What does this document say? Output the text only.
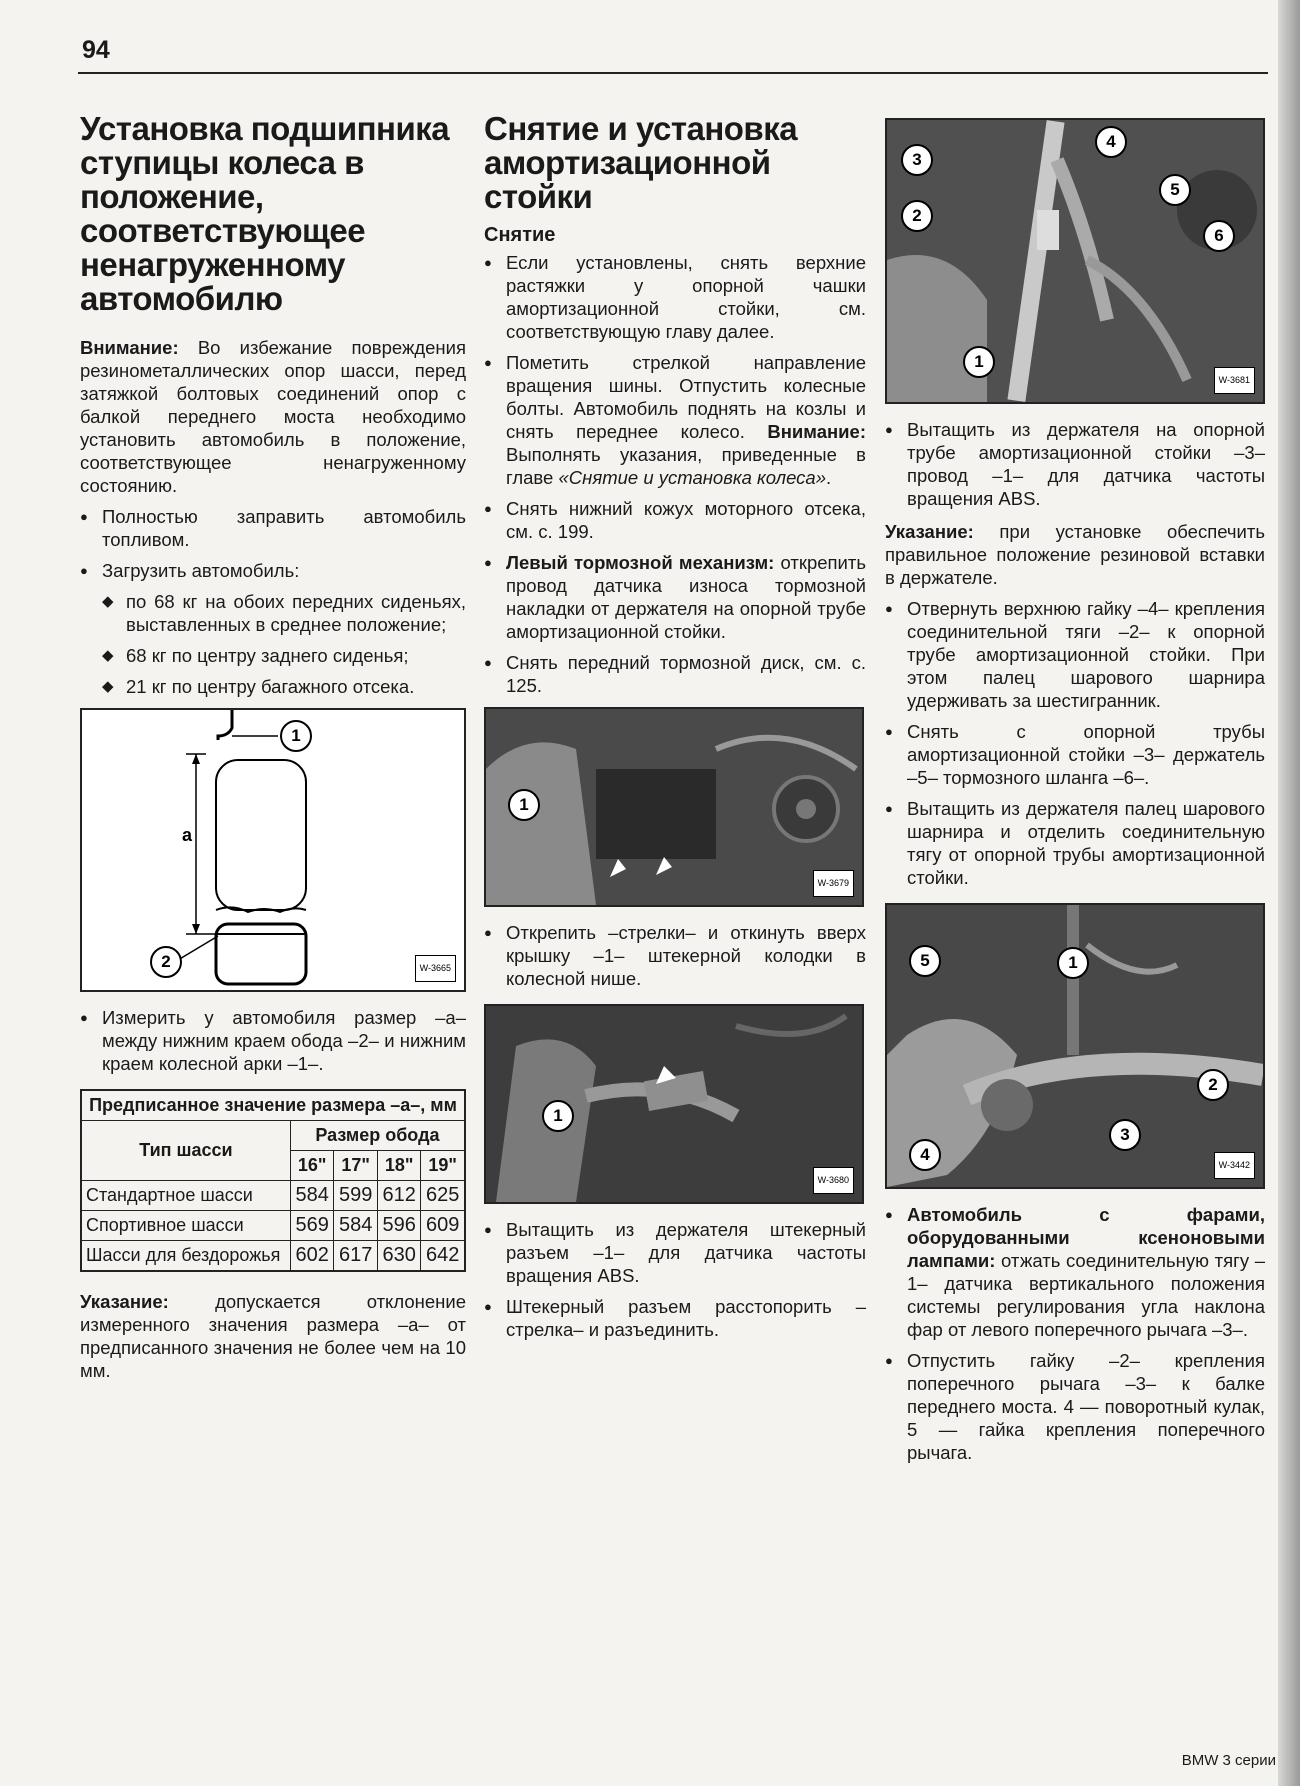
94
Установка подшипника ступицы колеса в положение, соответствующее ненагруженному автомобилю

Внимание: Во избежание повреждения резинометаллических опор шасси, перед затяжкой болтовых соединений опор с балкой переднего моста необходимо установить автомобиль в положение, соответствующее ненагруженному состоянию.

● Полностью заправить автомобиль топливом.
● Загрузить автомобиль:
◆ по 68 кг на обоих передних сиденьях, выставленных в среднее положение;
◆ 68 кг по центру заднего сиденья;
◆ 21 кг по центру багажного отсека.
a
1
2	W-3665
● Измерить у автомобиля размер –а– между нижним краем обода –2– и нижним краем колесной арки –1–.
Предписанное значение размера –а–, мм				
Тип шасси	Размер обода			
	16"	17"	18"	19"
Стандартное шасси	584	599	612	625
Спортивное шасси	569	584	596	609
Шасси для бездорожья	602	617	630	642

Указание: допускается отклонение измеренного значения размера –а– от предписанного значения не более чем на 10 мм.

Снятие и установка амортизационной стойки
Снятие
● Если установлены, снять верхние растяжки у опорной чашки амортизационной стойки, см. соответствующую главу далее.
● Пометить стрелкой направление вращения шины. Отпустить колесные болты. Автомобиль поднять на козлы и снять переднее колесо. Внимание: Выполнять указания, приведенные в главе «Снятие и установка колеса».
● Снять нижний кожух моторного отсека, см. с. 199.
● Левый тормозной механизм: открепить провод датчика износа тормозной накладки от держателя на опорной трубе амортизационной стойки.
● Снять передний тормозной диск, см. с. 125.
1
W-3679
● Открепить –стрелки– и откинуть вверх крышку –1– штекерной колодки в колесной нише.
1
W-3680
● Вытащить из держателя штекерный разъем –1– для датчика частоты вращения ABS.
● Штекерный разъем расстопорить –стрелка– и разъединить.
3
4
2
5
6
1
W-3681
● Вытащить из держателя на опорной трубе амортизационной стойки –3– провод –1– для датчика частоты вращения ABS.

Указание: при установке обеспечить правильное положение резиновой вставки в держателе.

● Отвернуть верхнюю гайку –4– крепления соединительной тяги –2– к опорной трубе амортизационной стойки. При этом палец шарового шарнира удерживать за шестигранник.
● Снять с опорной трубы амортизационной стойки –3– держатель –5– тормозного шланга –6–.
● Вытащить из держателя палец шарового шарнира и отделить соединительную тягу от опорной трубы амортизационной стойки.
5	1
2
3
4
W-3442
● Автомобиль с фарами, оборудованными ксеноновыми лампами: отжать соединительную тягу –1– датчика вертикального положения системы регулирования угла наклона фар от левого поперечного рычага –3–.
● Отпустить гайку –2– крепления поперечного рычага –3– к балке переднего моста. 4 — поворотный кулак, 5 — гайка крепления поперечного рычага.
BMW 3 серии
